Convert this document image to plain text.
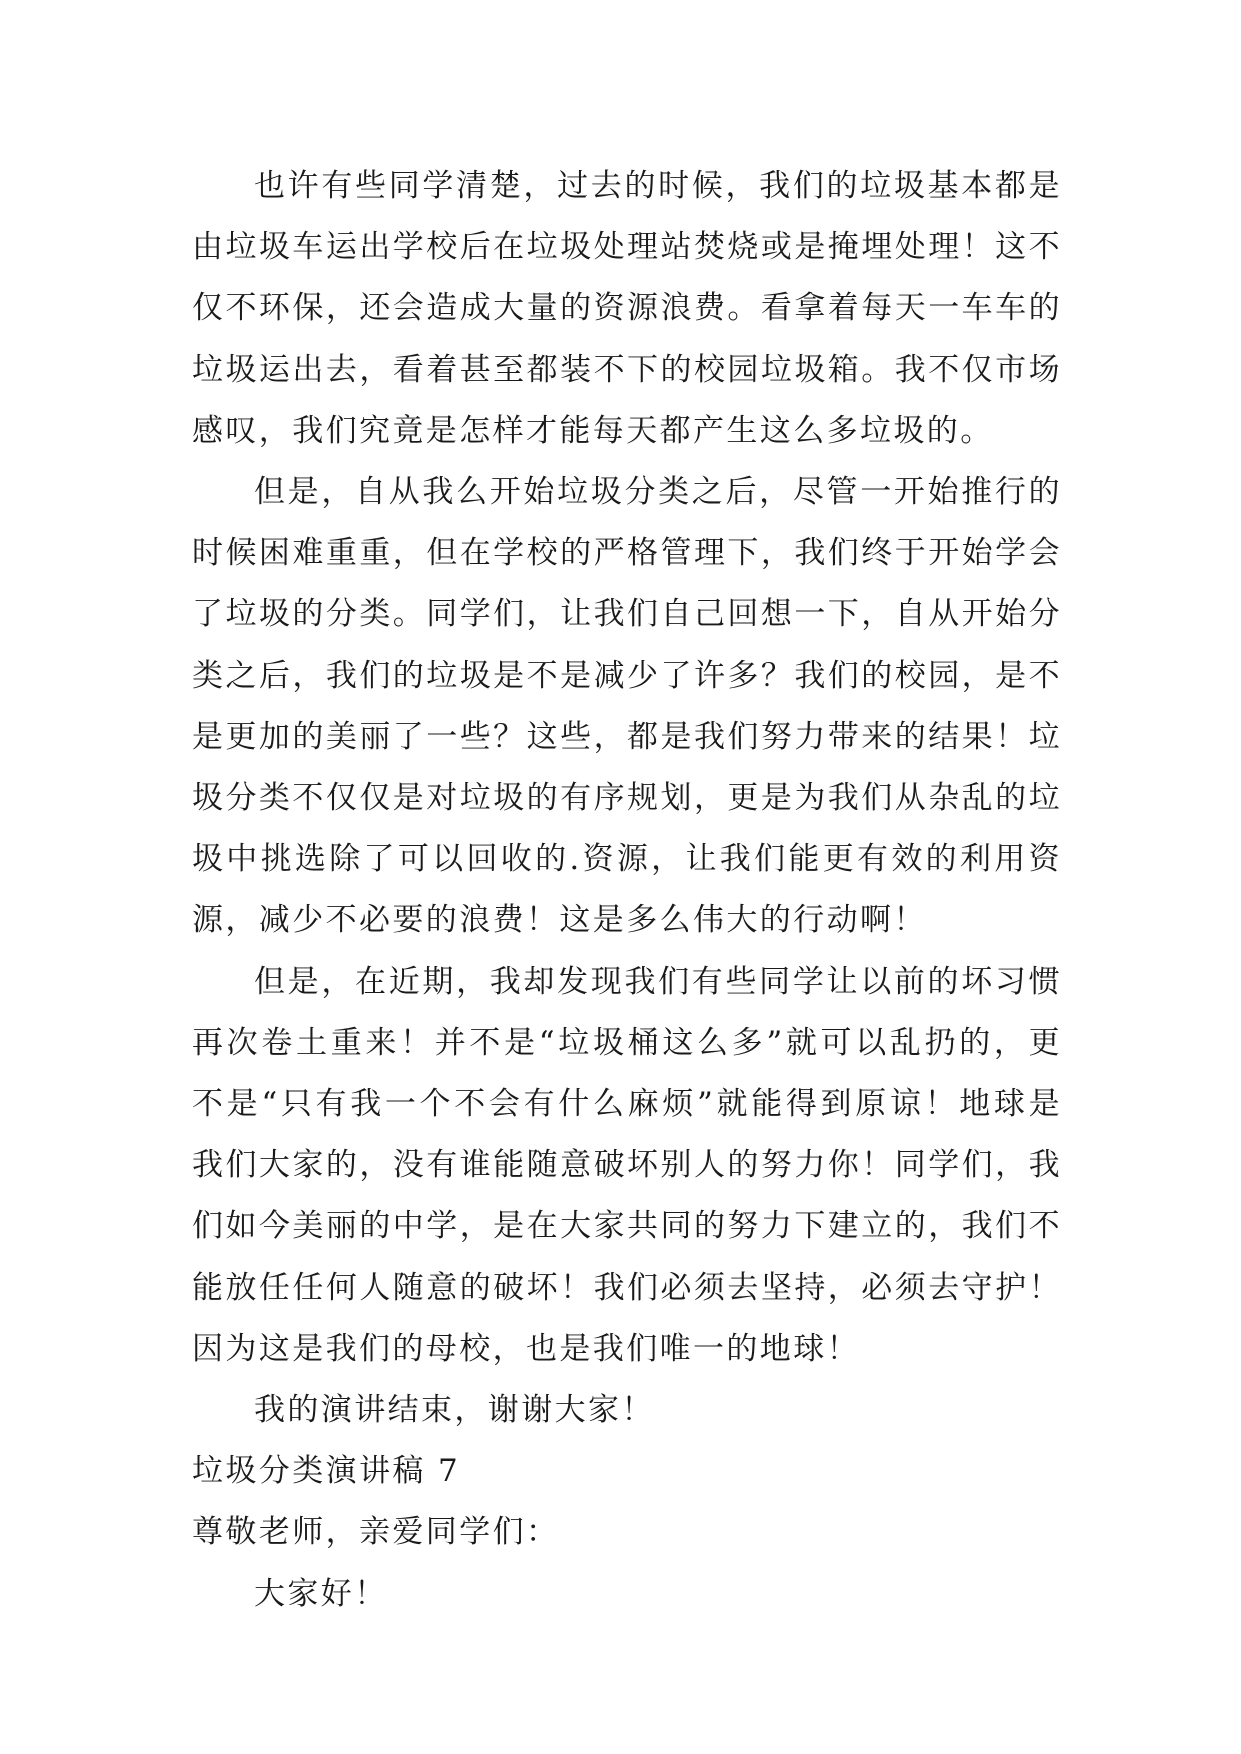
也许有些同学清楚，过去的时候，我们的垃圾基本都是由垃圾车运出学校后在垃圾处理站焚烧或是掩埋处理！这不仅不环保，还会造成大量的资源浪费。看拿着每天一车车的垃圾运出去，看着甚至都装不下的校园垃圾箱。我不仅市场感叹，我们究竟是怎样才能每天都产生这么多垃圾的。

但是，自从我么开始垃圾分类之后，尽管一开始推行的时候困难重重，但在学校的严格管理下，我们终于开始学会了垃圾的分类。同学们，让我们自己回想一下，自从开始分类之后，我们的垃圾是不是减少了许多？我们的校园，是不是更加的美丽了一些？这些，都是我们努力带来的结果！垃圾分类不仅仅是对垃圾的有序规划，更是为我们从杂乱的垃圾中挑选除了可以回收的.资源，让我们能更有效的利用资源，减少不必要的浪费！这是多么伟大的行动啊！

但是，在近期，我却发现我们有些同学让以前的坏习惯再次卷土重来！并不是“垃圾桶这么多”就可以乱扔的，更不是“只有我一个不会有什么麻烦”就能得到原谅！地球是我们大家的，没有谁能随意破坏别人的努力你！同学们，我们如今美丽的中学，是在大家共同的努力下建立的，我们不能放任任何人随意的破坏！我们必须去坚持，必须去守护！因为这是我们的母校，也是我们唯一的地球！

我的演讲结束，谢谢大家！

垃圾分类演讲稿 7

尊敬老师，亲爱同学们：

大家好！
